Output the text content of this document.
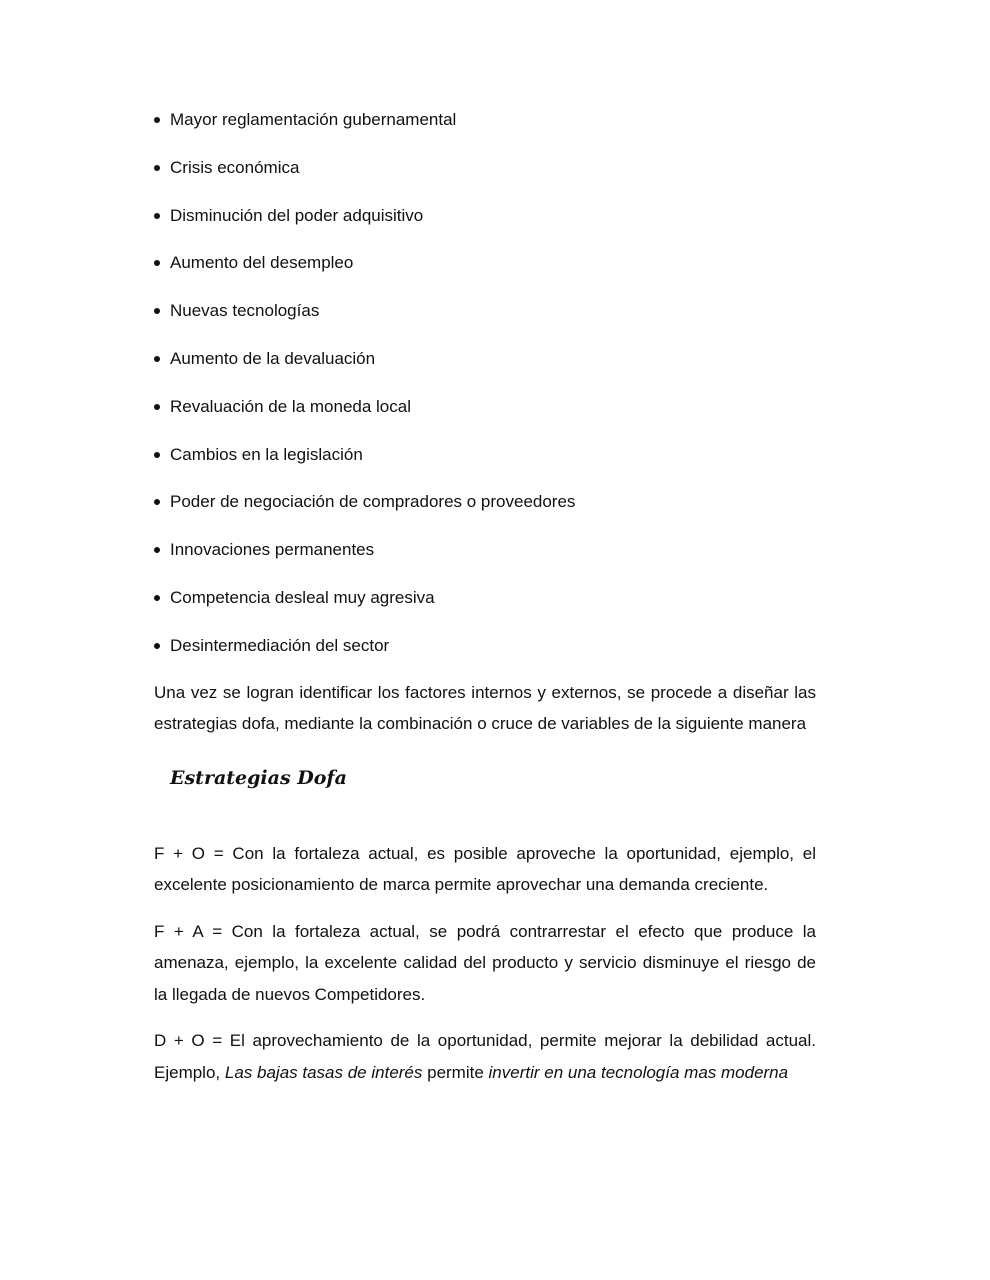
Mayor reglamentación gubernamental
Crisis económica
Disminución del poder adquisitivo
Aumento del desempleo
Nuevas tecnologías
Aumento de la devaluación
Revaluación de la moneda local
Cambios en la legislación
Poder de negociación de compradores o proveedores
Innovaciones permanentes
Competencia desleal muy agresiva
Desintermediación del sector

Una vez se logran identificar los factores internos y externos, se procede a diseñar las estrategias dofa, mediante la combinación o cruce de variables de la siguiente manera

Estrategias Dofa

F + O = Con la fortaleza actual, es posible aproveche la oportunidad, ejemplo, el excelente posicionamiento de marca permite aprovechar una demanda creciente.

F + A = Con la fortaleza actual, se podrá contrarrestar el efecto que produce la amenaza, ejemplo, la excelente calidad del producto y servicio disminuye el riesgo de la llegada de nuevos Competidores.

D + O = El aprovechamiento de la oportunidad, permite mejorar la debilidad actual. Ejemplo, Las bajas tasas de interés permite invertir en una tecnología mas moderna
